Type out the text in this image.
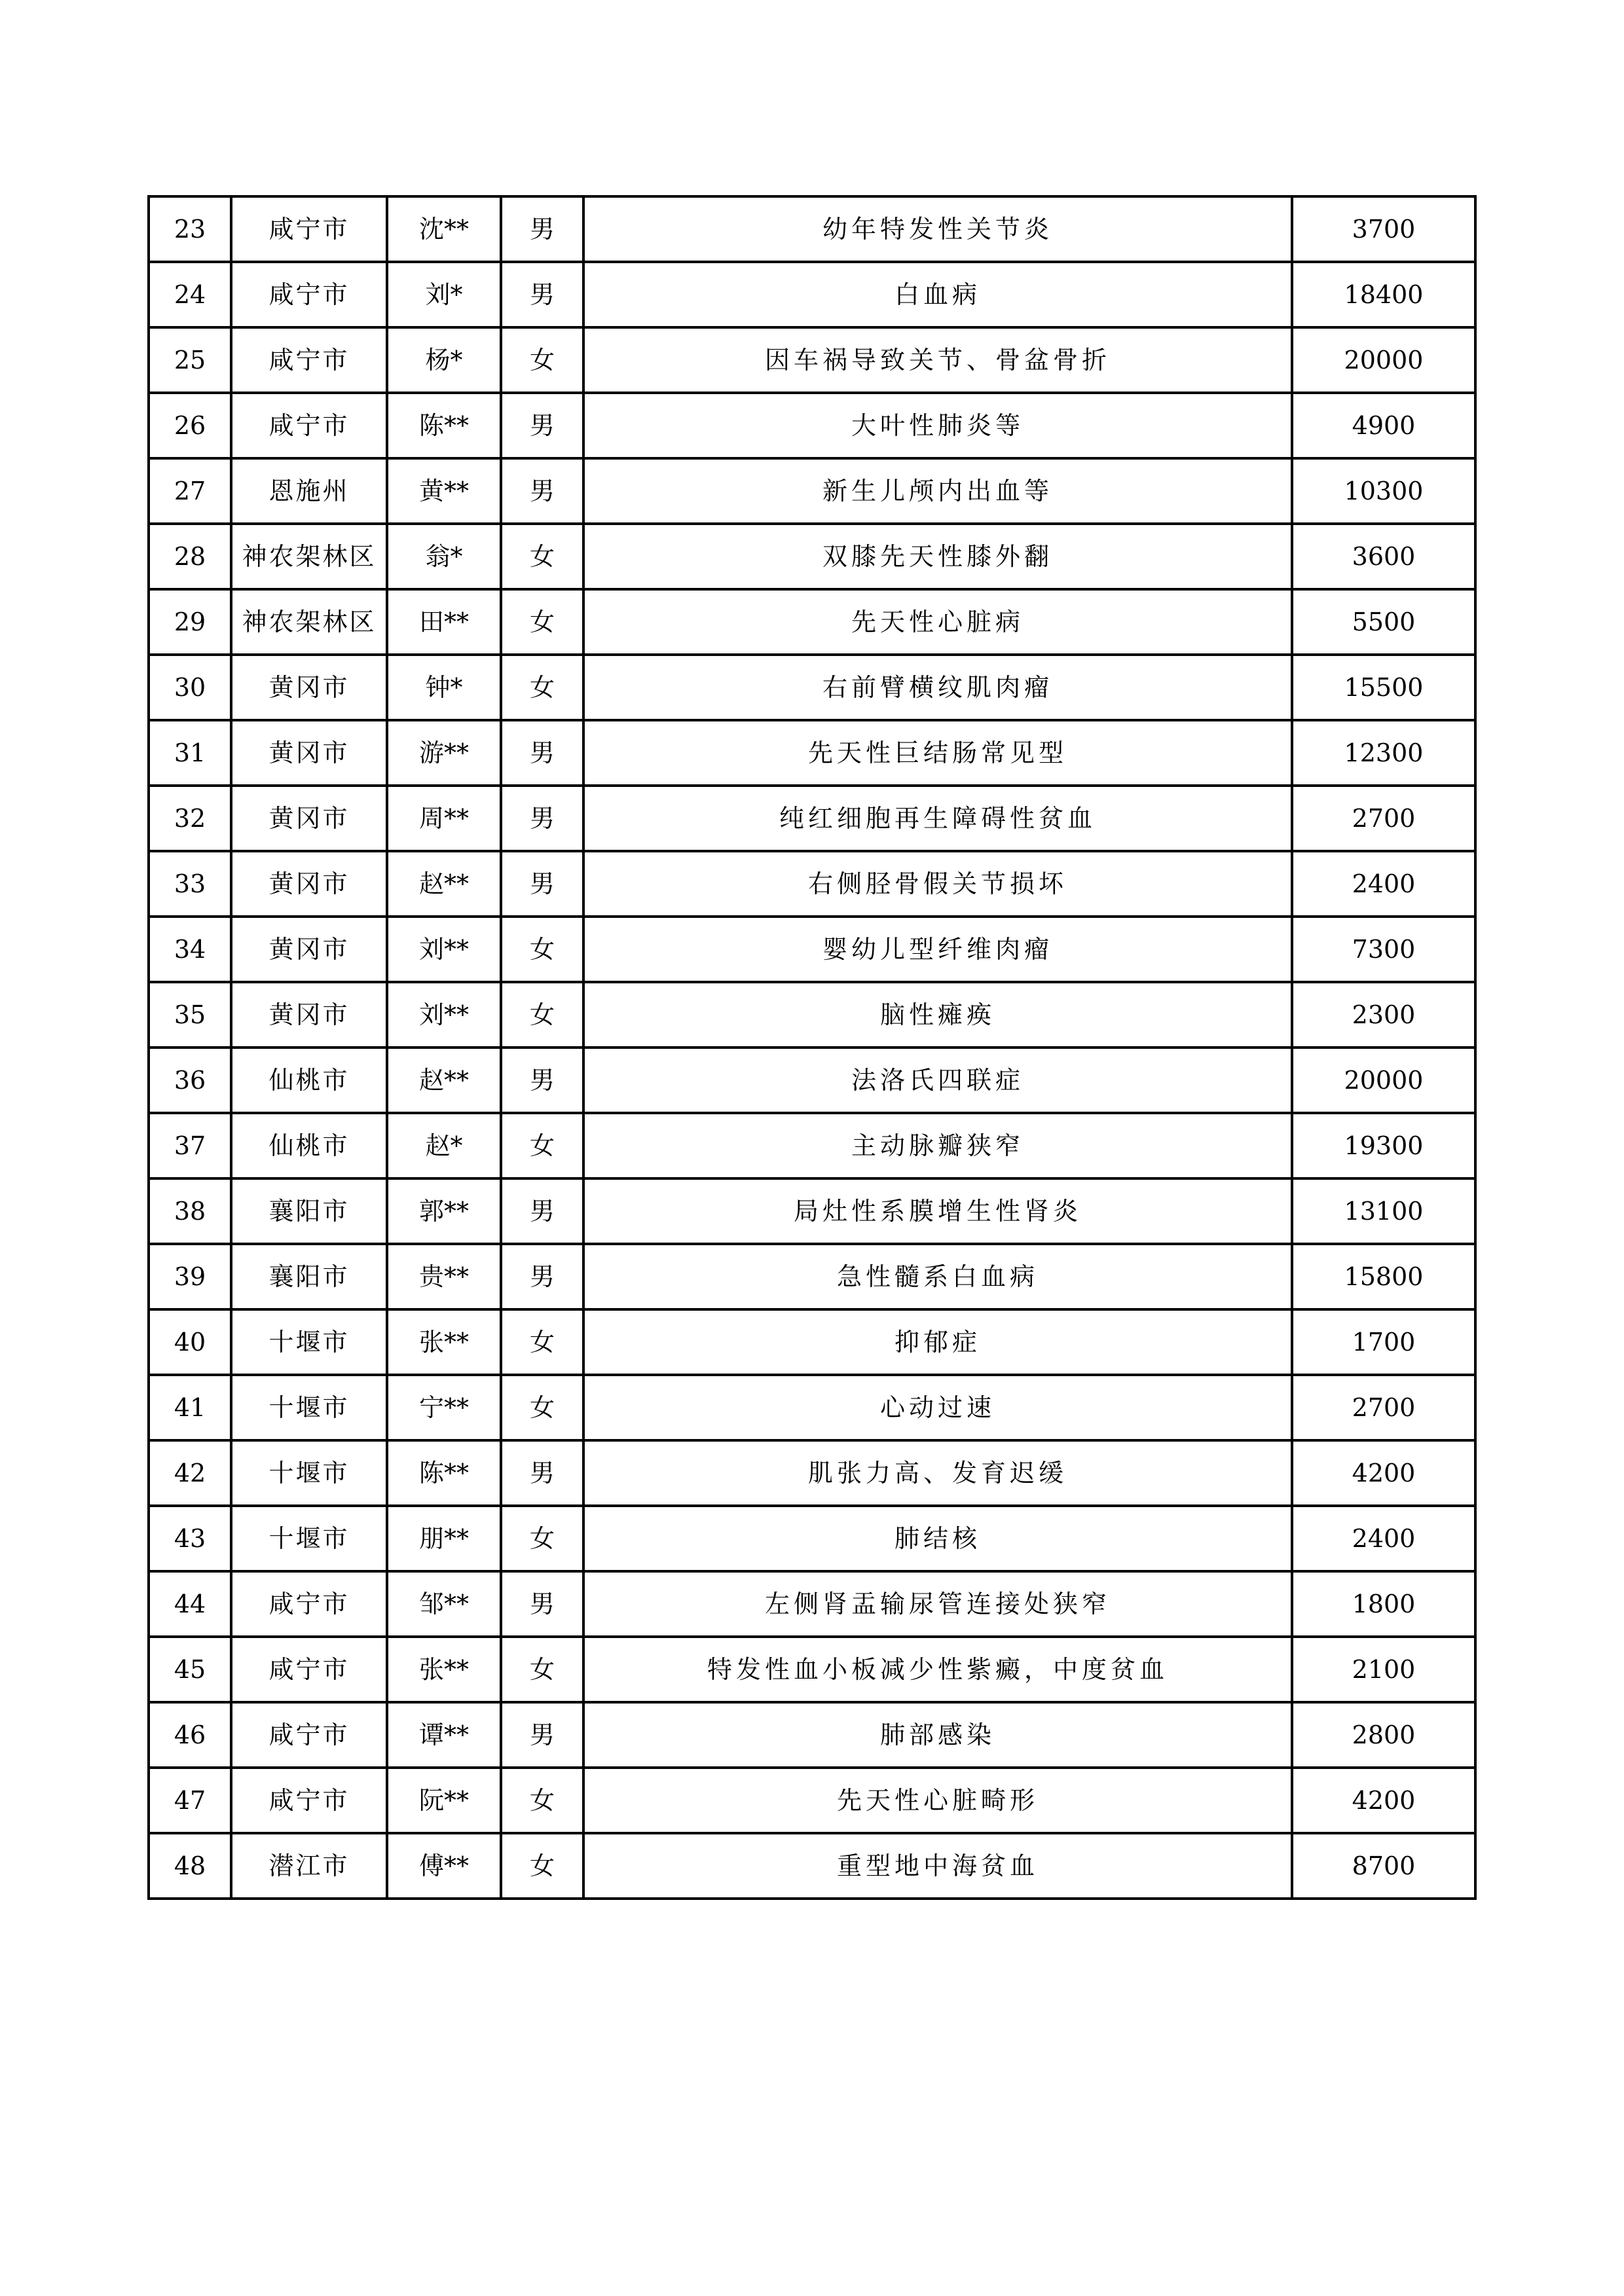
23	咸宁市	沈**	男	幼年特发性关节炎	3700
24	咸宁市	刘*	男	白血病	18400
25	咸宁市	杨*	女	因车祸导致关节、骨盆骨折	20000
26	咸宁市	陈**	男	大叶性肺炎等	4900
27	恩施州	黄**	男	新生儿颅内出血等	10300
28	神农架林区	翁*	女	双膝先天性膝外翻	3600
29	神农架林区	田**	女	先天性心脏病	5500
30	黄冈市	钟*	女	右前臂横纹肌肉瘤	15500
31	黄冈市	游**	男	先天性巨结肠常见型	12300
32	黄冈市	周**	男	纯红细胞再生障碍性贫血	2700
33	黄冈市	赵**	男	右侧胫骨假关节损坏	2400
34	黄冈市	刘**	女	婴幼儿型纤维肉瘤	7300
35	黄冈市	刘**	女	脑性瘫痪	2300
36	仙桃市	赵**	男	法洛氏四联症	20000
37	仙桃市	赵*	女	主动脉瓣狭窄	19300
38	襄阳市	郭**	男	局灶性系膜增生性肾炎	13100
39	襄阳市	贵**	男	急性髓系白血病	15800
40	十堰市	张**	女	抑郁症	1700
41	十堰市	宁**	女	心动过速	2700
42	十堰市	陈**	男	肌张力高、发育迟缓	4200
43	十堰市	朋**	女	肺结核	2400
44	咸宁市	邹**	男	左侧肾盂输尿管连接处狭窄	1800
45	咸宁市	张**	女	特发性血小板减少性紫癜，中度贫血	2100
46	咸宁市	谭**	男	肺部感染	2800
47	咸宁市	阮**	女	先天性心脏畸形	4200
48	潜江市	傅**	女	重型地中海贫血	8700
